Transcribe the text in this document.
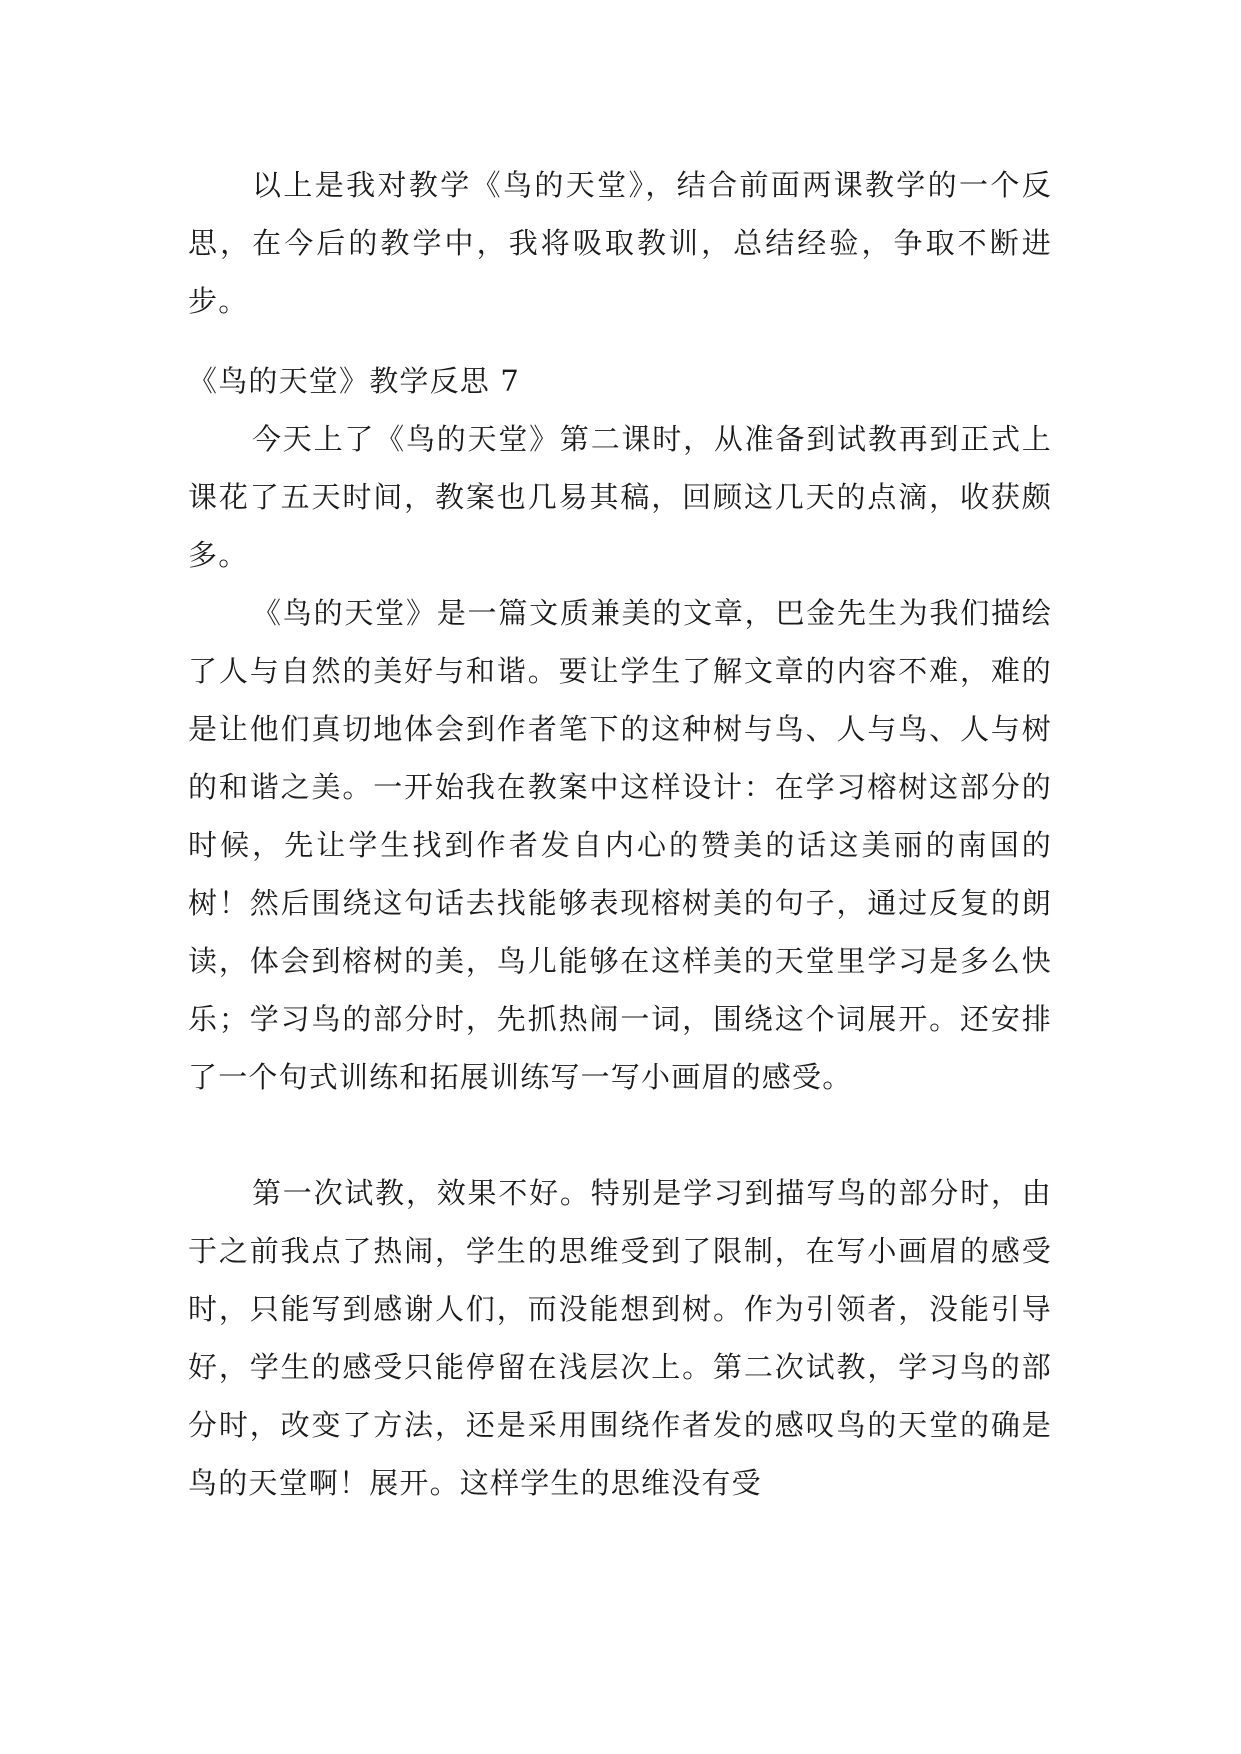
以上是我对教学《鸟的天堂》，结合前面两课教学的一个反思，在今后的教学中，我将吸取教训，总结经验，争取不断进步。

《鸟的天堂》教学反思 7

今天上了《鸟的天堂》第二课时，从准备到试教再到正式上课花了五天时间，教案也几易其稿，回顾这几天的点滴，收获颇多。

《鸟的天堂》是一篇文质兼美的文章，巴金先生为我们描绘了人与自然的美好与和谐。要让学生了解文章的内容不难，难的是让他们真切地体会到作者笔下的这种树与鸟、人与鸟、人与树的和谐之美。一开始我在教案中这样设计：在学习榕树这部分的时候，先让学生找到作者发自内心的赞美的话这美丽的南国的树！然后围绕这句话去找能够表现榕树美的句子，通过反复的朗读，体会到榕树的美，鸟儿能够在这样美的天堂里学习是多么快乐；学习鸟的部分时，先抓热闹一词，围绕这个词展开。还安排了一个句式训练和拓展训练写一写小画眉的感受。

第一次试教，效果不好。特别是学习到描写鸟的部分时，由于之前我点了热闹，学生的思维受到了限制，在写小画眉的感受时，只能写到感谢人们，而没能想到树。作为引领者，没能引导好，学生的感受只能停留在浅层次上。第二次试教，学习鸟的部分时，改变了方法，还是采用围绕作者发的感叹鸟的天堂的确是鸟的天堂啊！展开。这样学生的思维没有受
